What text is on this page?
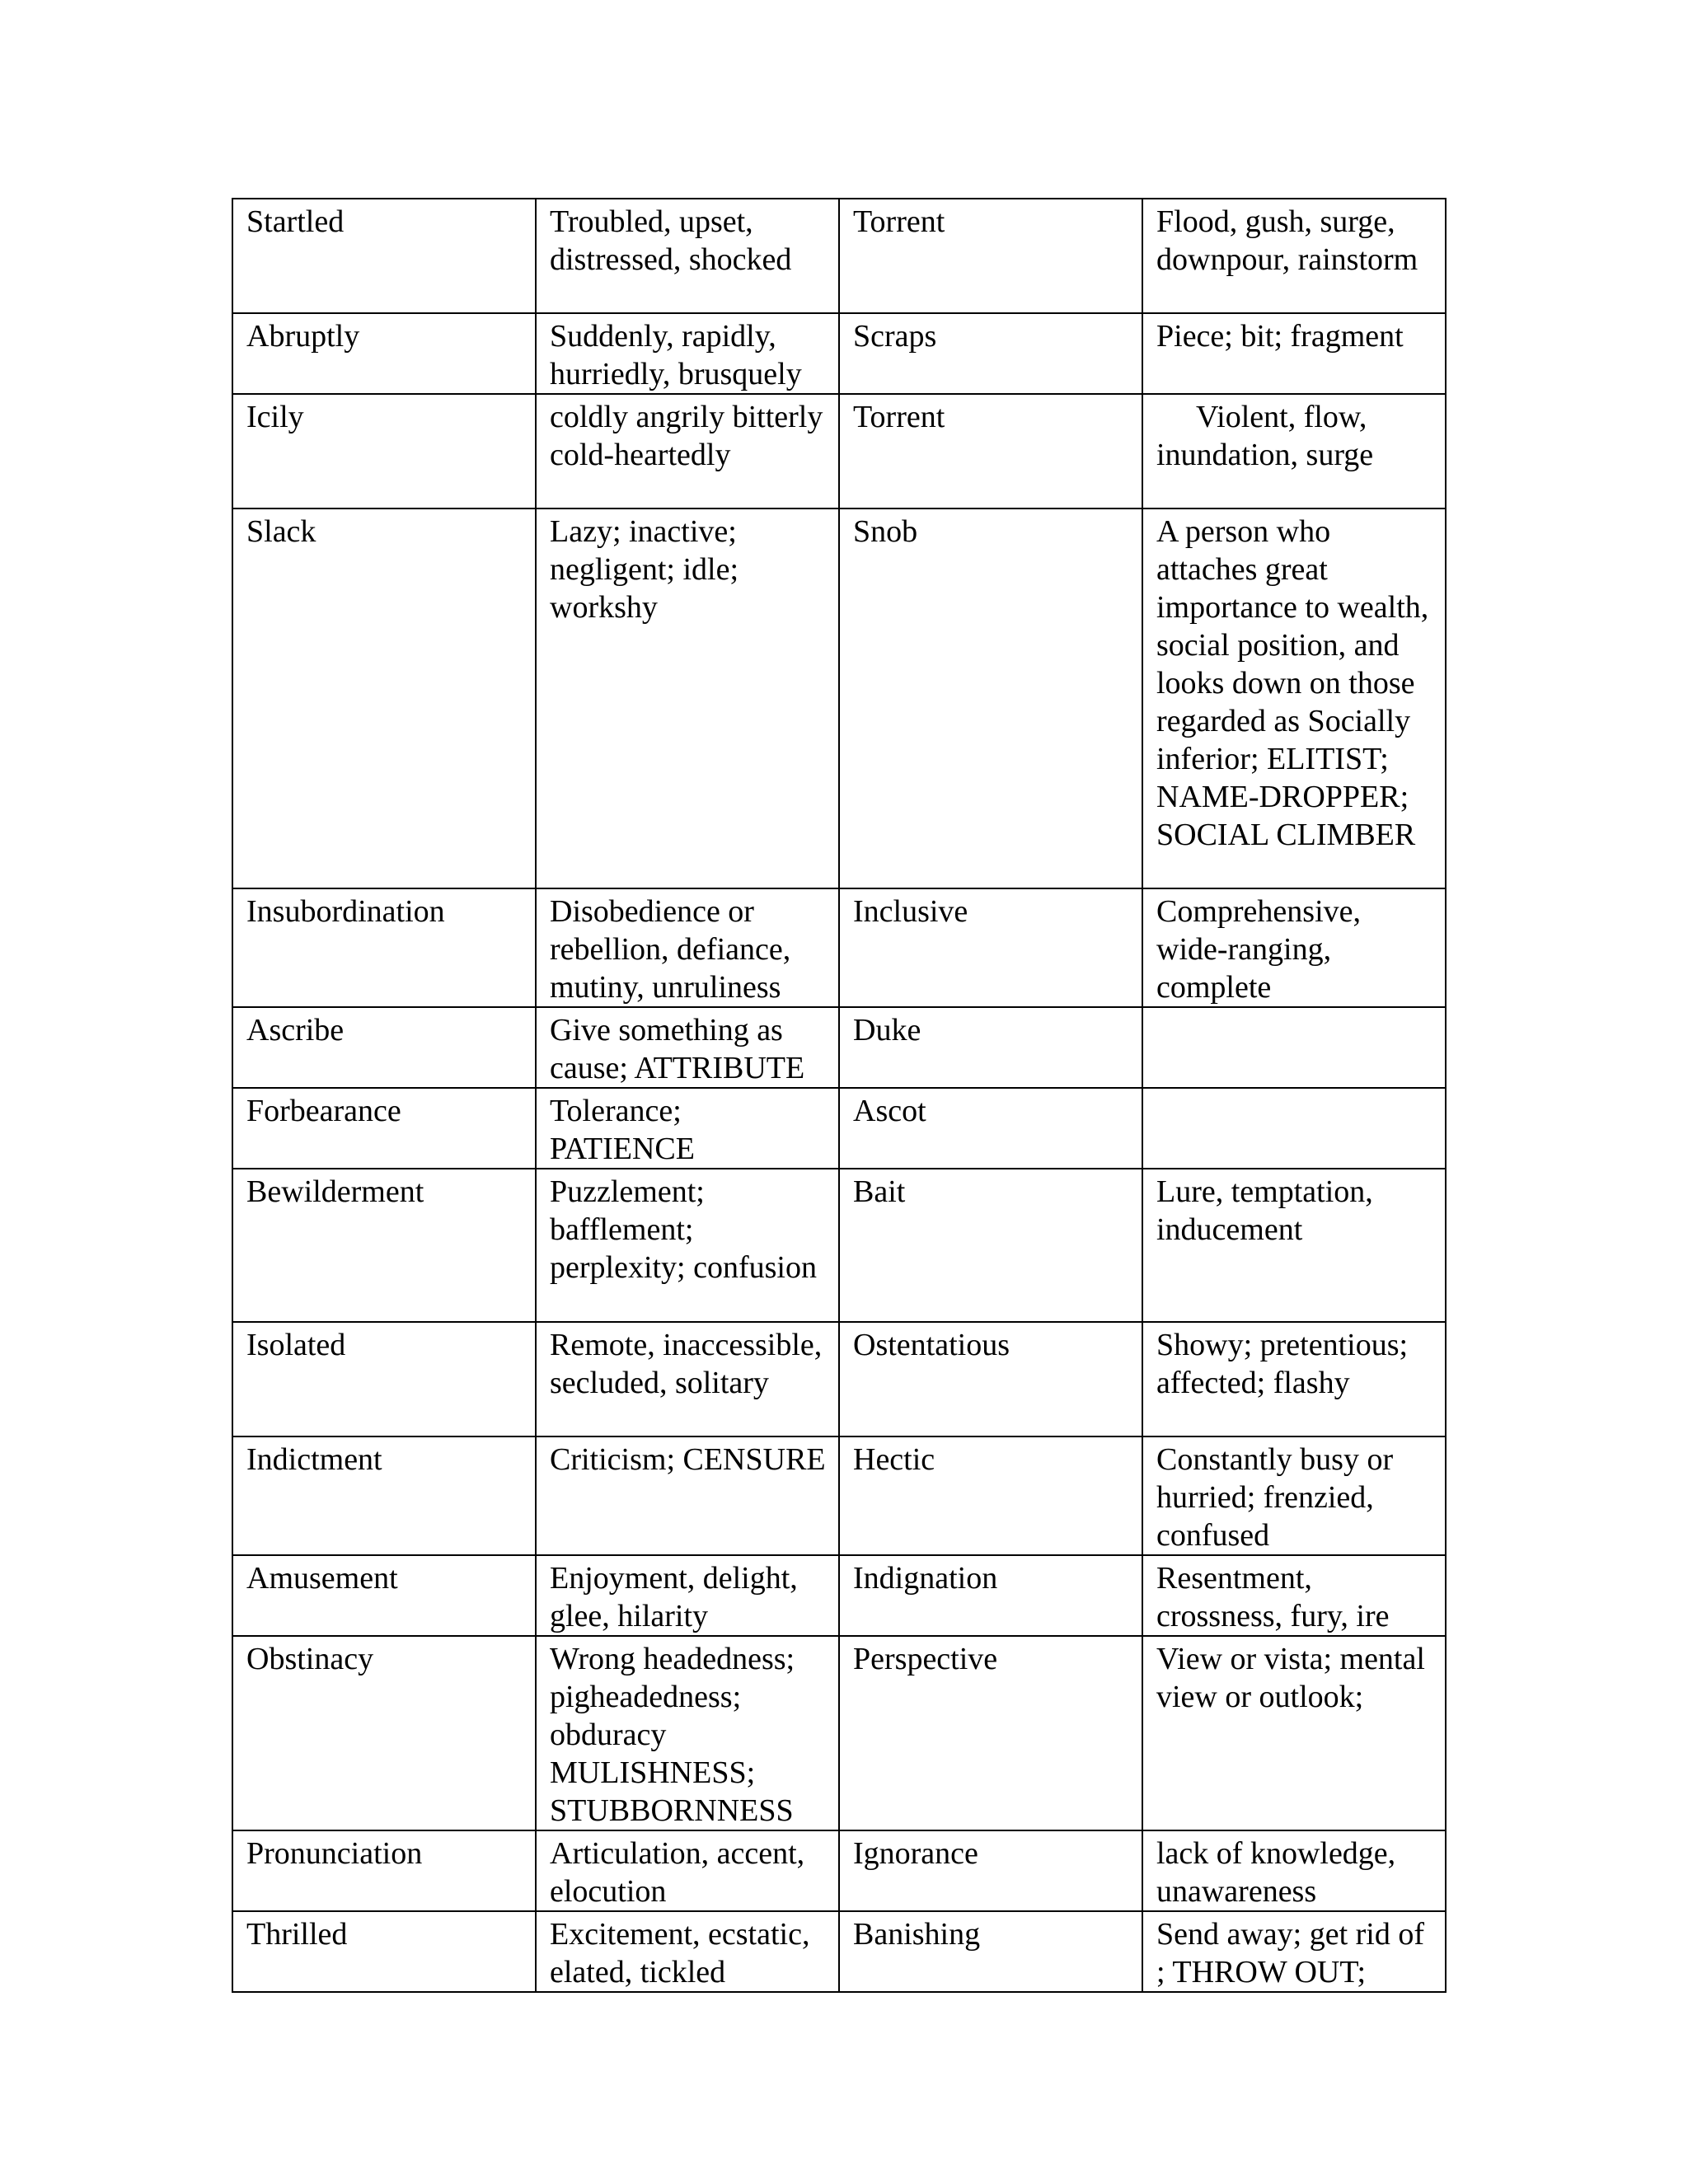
Startled	Troubled, upset, distressed, shocked	Torrent	Flood, gush, surge, downpour, rainstorm
Abruptly	Suddenly, rapidly, hurriedly, brusquely	Scraps	Piece; bit; fragment
Icily	coldly angrily bitterly cold-heartedly	Torrent	Violent, flow, inundation, surge
Slack	Lazy; inactive; negligent; idle; workshy	Snob	A person who attaches great importance to wealth, social position, and looks down on those regarded as Socially inferior; ELITIST; NAME-DROPPER; SOCIAL CLIMBER
Insubordination	Disobedience or rebellion, defiance, mutiny, unruliness	Inclusive	Comprehensive, wide-ranging, complete
Ascribe	Give something as cause; ATTRIBUTE	Duke	
Forbearance	Tolerance; PATIENCE	Ascot	
Bewilderment	Puzzlement; bafflement; perplexity; confusion	Bait	Lure, temptation, inducement
Isolated	Remote, inaccessible, secluded, solitary	Ostentatious	Showy; pretentious; affected; flashy
Indictment	Criticism; CENSURE	Hectic	Constantly busy or hurried; frenzied, confused
Amusement	Enjoyment, delight, glee, hilarity	Indignation	Resentment, crossness, fury, ire
Obstinacy	Wrong headedness; pigheadedness; obduracy MULISHNESS; STUBBORNNESS	Perspective	View or vista; mental view or outlook;
Pronunciation	Articulation, accent, elocution	Ignorance	lack of knowledge, unawareness
Thrilled	Excitement, ecstatic, elated, tickled	Banishing	Send away; get rid of ; THROW OUT;
